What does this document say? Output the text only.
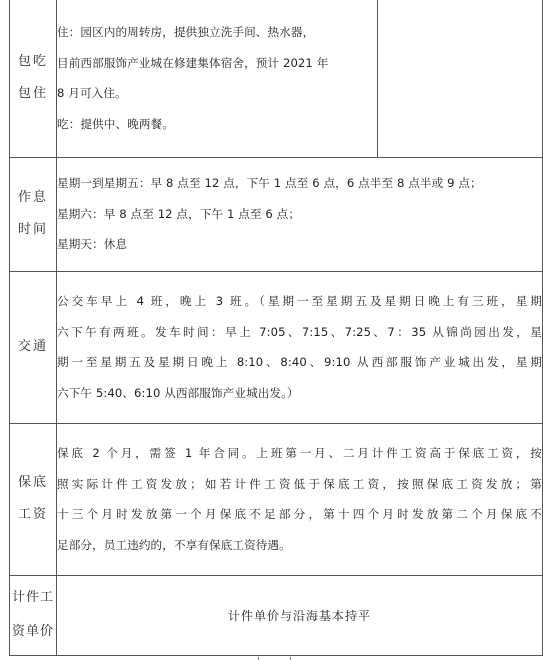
包吃
包住	住：园区内的周转房，提供独立洗手间、热水器，
目前西部服饰产业城在修建集体宿舍，预计 2021 年
8 月可入住。
吃：提供中、晚两餐。	

作息
时间	星期一到星期五：早 8 点至 12 点，下午 1 点至 6 点，6 点半至 8 点半或 9 点；
星期六：早 8 点至 12 点，下午 1 点至 6 点；
星期天：休息	

交通	公交车早上 4 班，晚上 3 班。（星期一至星期五及星期日晚上有三班，星期
六下午有两班。发车时间：早上 7:05、7:15、7:25、7：35 从锦尚园出发，星
期一至星期五及星期日晚上 8:10、8:40、9:10 从西部服饰产业城出发，星期
六下午 5:40、6:10 从西部服饰产业城出发。）	

保底
工资	保底 2 个月，需签 1 年合同。上班第一月、二月计件工资高于保底工资，按
照实际计件工资发放；如若计件工资低于保底工资，按照保底工资发放；第
十三个月时发放第一个月保底不足部分，第十四个月时发放第二个月保底不
足部分，员工违约的，不享有保底工资待遇。	

计件工
资单价	计件单价与沿海基本持平	
